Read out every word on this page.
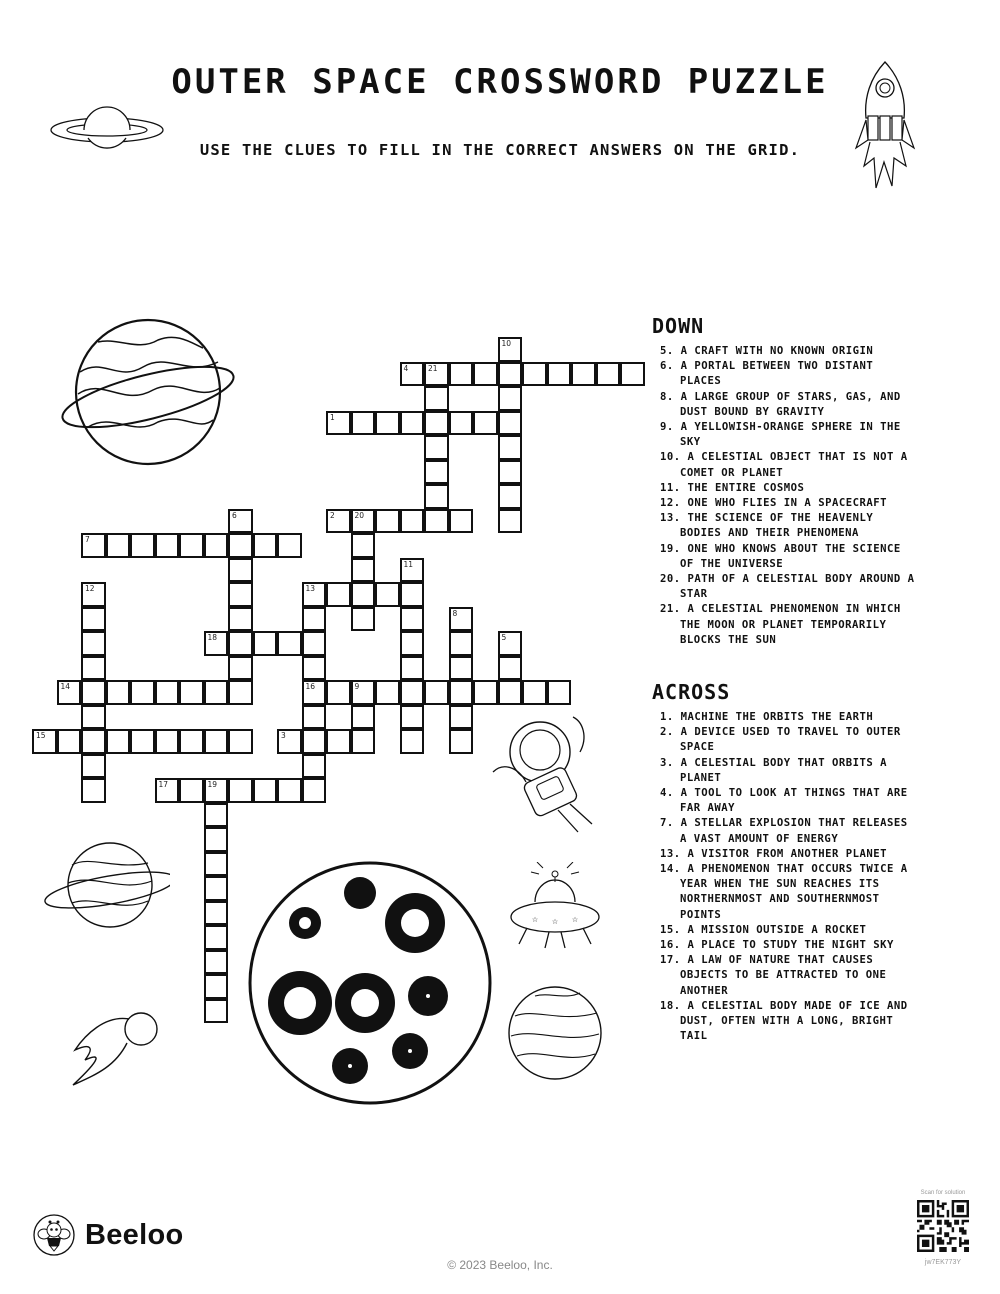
OUTER SPACE CROSSWORD PUZZLE
USE THE CLUES TO FILL IN THE CORRECT ANSWERS ON THE GRID.
☆ ☆ ☆
1
2	20
3
4	21
7
13
14
15
16	9
17	19
18	5
6
8
10
11
12
DOWN
5. A CRAFT WITH NO KNOWN ORIGIN
6. A PORTAL BETWEEN TWO DISTANT PLACES
8. A LARGE GROUP OF STARS, GAS, AND DUST BOUND BY GRAVITY
9. A YELLOWISH-ORANGE SPHERE IN THE SKY
10. A CELESTIAL OBJECT THAT IS NOT A COMET OR PLANET
11. THE ENTIRE COSMOS
12. ONE WHO FLIES IN A SPACECRAFT
13. THE SCIENCE OF THE HEAVENLY BODIES AND THEIR PHENOMENA
19. ONE WHO KNOWS ABOUT THE SCIENCE OF THE UNIVERSE
20. PATH OF A CELESTIAL BODY AROUND A STAR
21. A CELESTIAL PHENOMENON IN WHICH THE MOON OR PLANET TEMPORARILY BLOCKS THE SUN
ACROSS
1. MACHINE THE ORBITS THE EARTH
2. A DEVICE USED TO TRAVEL TO OUTER SPACE
3. A CELESTIAL BODY THAT ORBITS A PLANET
4. A TOOL TO LOOK AT THINGS THAT ARE FAR AWAY
7. A STELLAR EXPLOSION THAT RELEASES A VAST AMOUNT OF ENERGY
13. A VISITOR FROM ANOTHER PLANET
14. A PHENOMENON THAT OCCURS TWICE A YEAR WHEN THE SUN REACHES ITS NORTHERNMOST AND SOUTHERNMOST POINTS
15. A MISSION OUTSIDE A ROCKET
16. A PLACE TO STUDY THE NIGHT SKY
17. A LAW OF NATURE THAT CAUSES OBJECTS TO BE ATTRACTED TO ONE ANOTHER
18. A CELESTIAL BODY MADE OF ICE AND DUST, OFTEN WITH A LONG, BRIGHT TAIL
Beeloo
© 2023 Beeloo, Inc.
Scan for solution
jw7EK773Y
